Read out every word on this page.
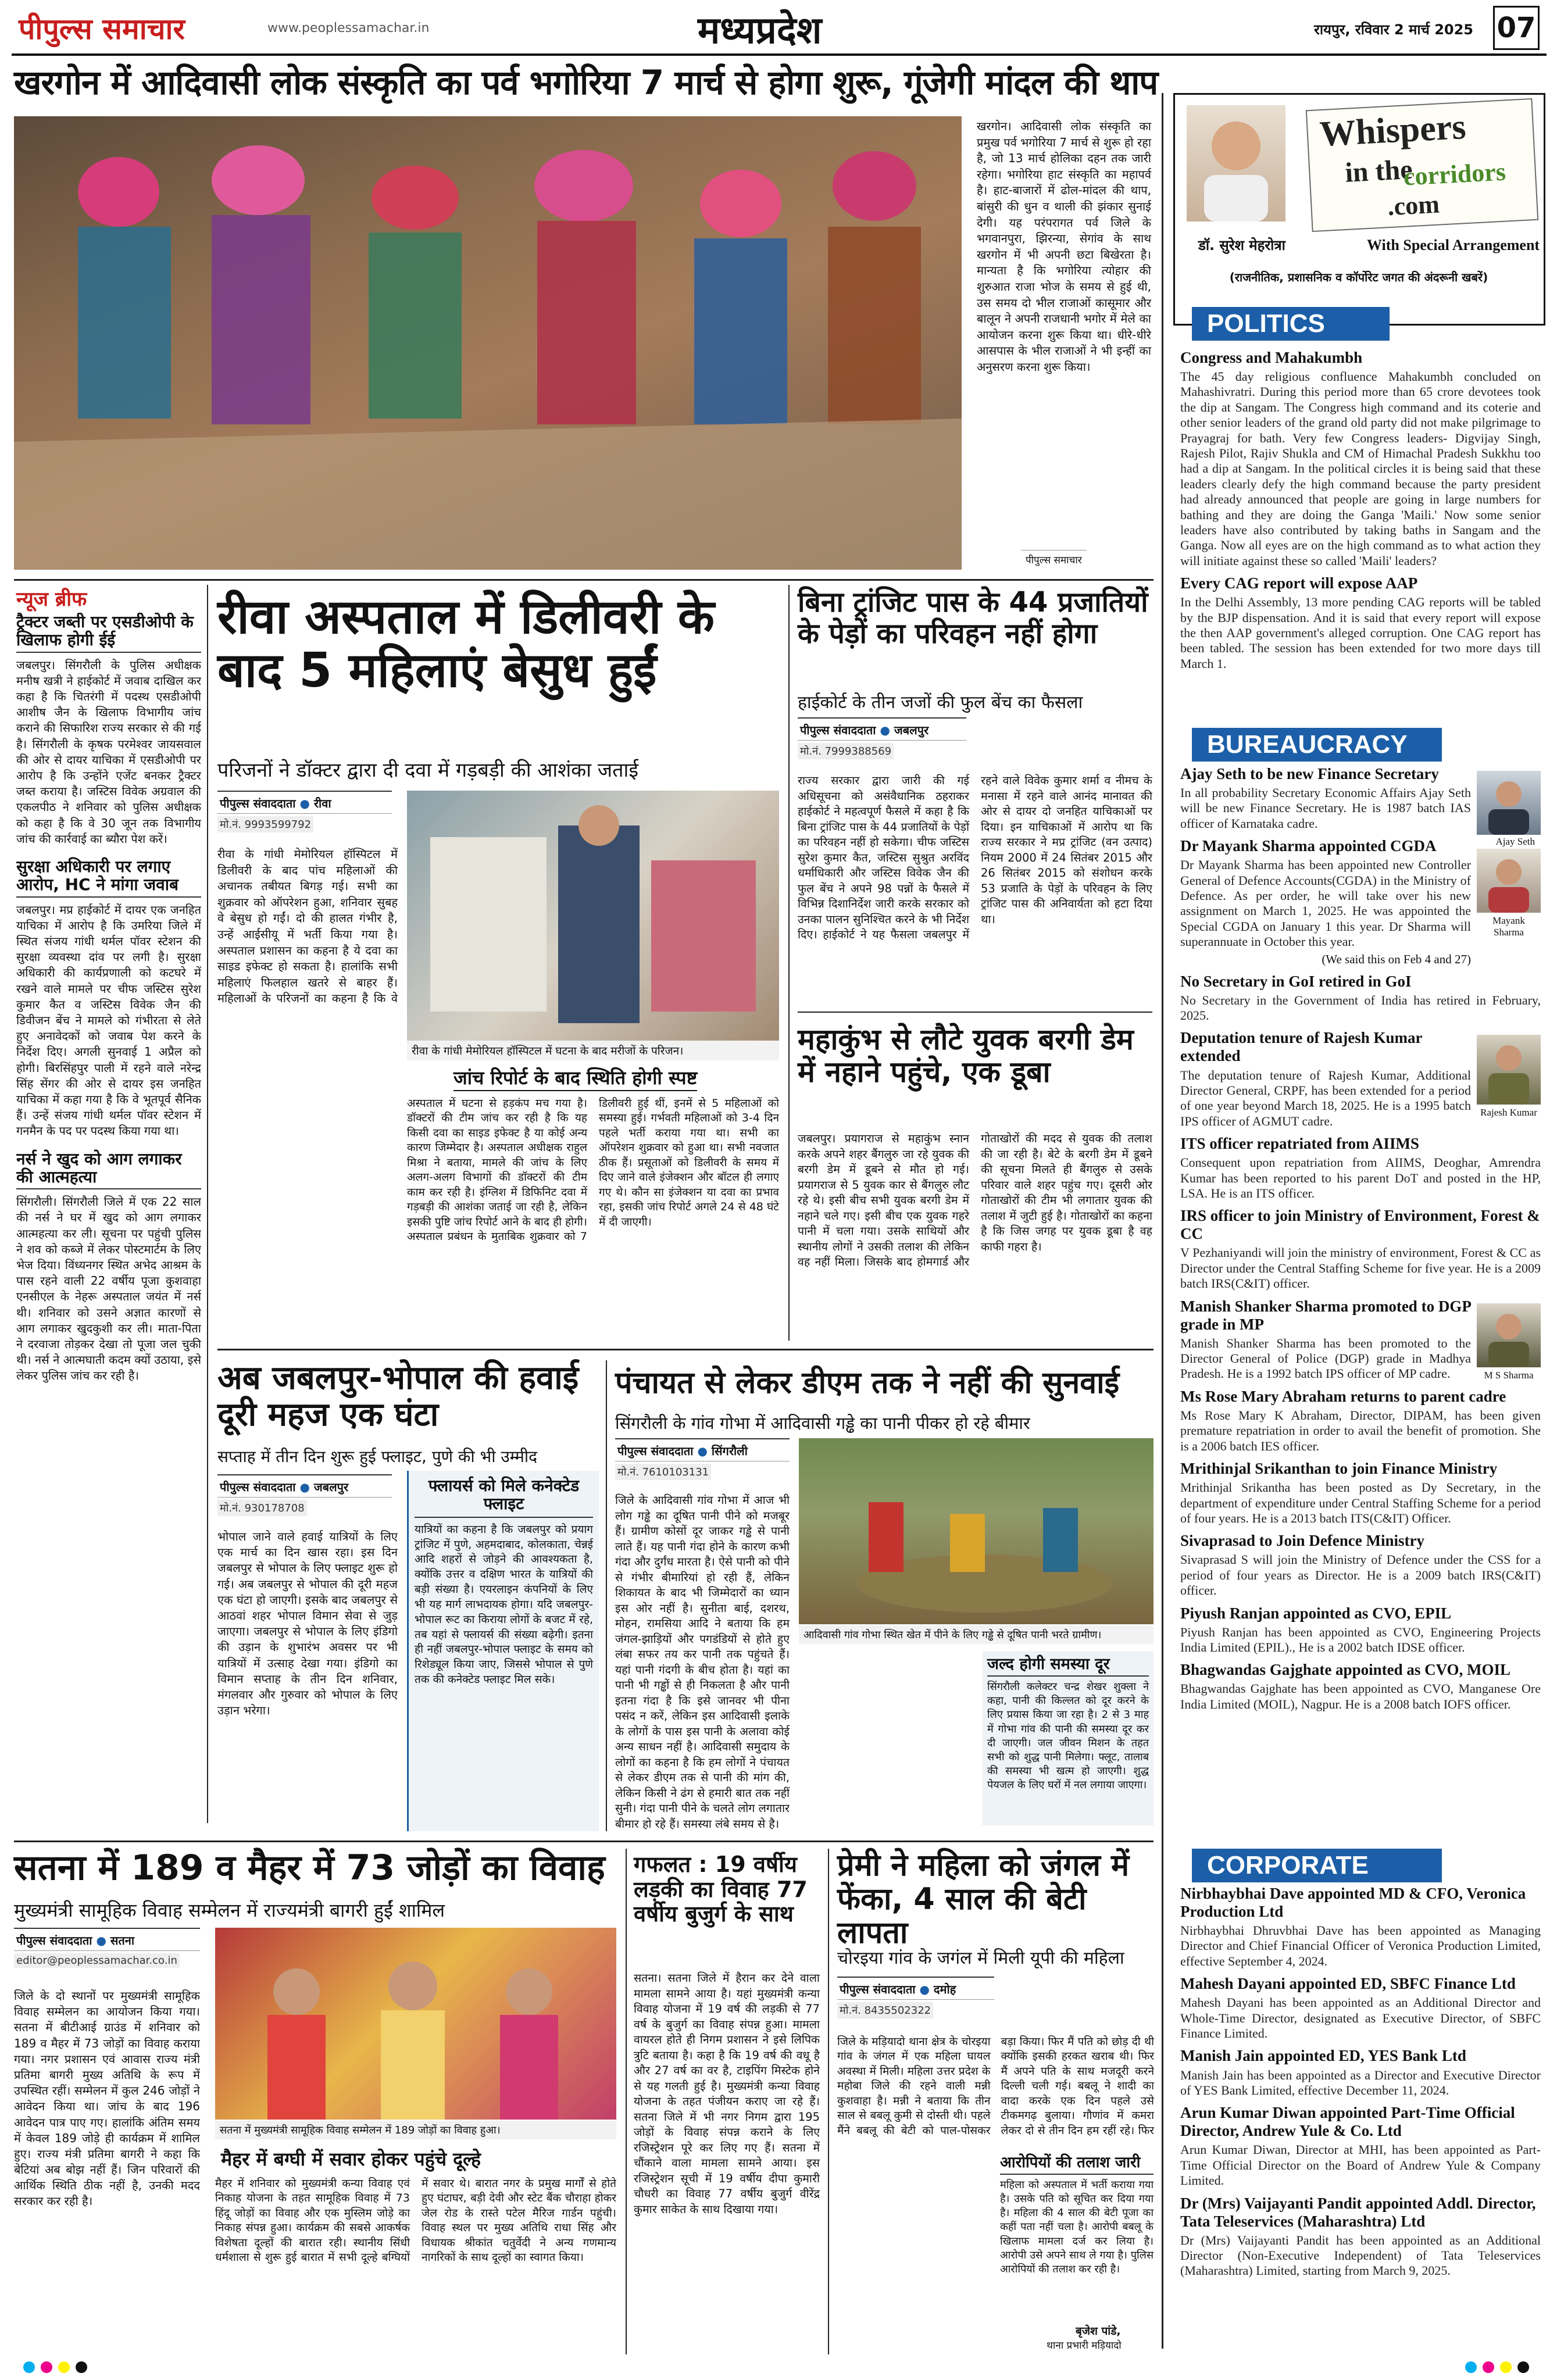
पीपुल्स समाचार	www.peoplessamachar.in	मध्यप्रदेश	रायपुर, रविवार 2 मार्च 2025 07
खरगोन में आदिवासी लोक संस्कृति का पर्व भगोरिया 7 मार्च से होगा शुरू, गूंजेगी मांदल की थाप
पीपुल्स समाचार
खरगोन। आदिवासी लोक संस्कृति का प्रमुख पर्व भगोरिया 7 मार्च से शुरू हो रहा है, जो 13 मार्च होलिका दहन तक जारी रहेगा। भगोरिया हाट संस्कृति का महापर्व है। हाट-बाजारों में ढोल-मांदल की थाप, बांसुरी की धुन व थाली की झंकार सुनाई देगी। यह परंपरागत पर्व जिले के भगवानपुरा, झिरन्या, सेगांव के साथ खरगोन में भी अपनी छटा बिखेरता है। मान्यता है कि भगोरिया त्योहार की शुरुआत राजा भोज के समय से हुई थी, उस समय दो भील राजाओं कासूमार और बालून ने अपनी राजधानी भगोर में मेले का आयोजन करना शुरू किया था। धीरे-धीरे आसपास के भील राजाओं ने भी इन्हीं का अनुसरण करना शुरू किया।
Whispers
in the
corridors
.com
डॉ. सुरेश मेहरोत्रा	With Special Arrangement
(राजनीतिक, प्रशासनिक व कॉर्पोरेट जगत की अंदरूनी खबरें)
POLITICS
Congress and Mahakumbh
The 45 day religious confluence Mahakumbh concluded on Mahashivratri. During this period more than 65 crore devotees took the dip at Sangam. The Congress high command and its coterie and other senior leaders of the grand old party did not make pilgrimage to Prayagraj for bath. Very few Congress leaders- Digvijay Singh, Rajesh Pilot, Rajiv Shukla and CM of Himachal Pradesh Sukkhu too had a dip at Sangam. In the political circles it is being said that these leaders clearly defy the high command because the party president had already announced that people are going in large numbers for bathing and they are doing the Ganga 'Maili.' Now some senior leaders have also contributed by taking baths in Sangam and the Ganga. Now all eyes are on the high command as to what action they will initiate against these so called 'Maili' leaders?
Every CAG report will expose AAP
In the Delhi Assembly, 13 more pending CAG reports will be tabled by the BJP dispensation. And it is said that every report will expose the then AAP government's alleged corruption. One CAG report has been tabled. The session has been extended for two more days till March 1.
BUREAUCRACY
Ajay Seth to be new Finance Secretary
In all probability Secretary Economic Affairs Ajay Seth will be new Finance Secretary. He is 1987 batch IAS officer of Karnataka cadre.
Ajay Seth
Dr Mayank Sharma appointed CGDA
Dr Mayank Sharma has been appointed new Controller General of Defence Accounts(CGDA) in the Ministry of Defence. As per order, he will take over his new assignment on March 1, 2025. He was appointed the Special CGDA on January 1 this year. Dr Sharma will superannuate in October this year.
Mayank Sharma
(We said this on Feb 4 and 27)
No Secretary in GoI retired in GoI
No Secretary in the Government of India has retired in February, 2025.
Deputation tenure of Rajesh Kumar extended
The deputation tenure of Rajesh Kumar, Additional Director General, CRPF, has been extended for a period of one year beyond March 18, 2025. He is a 1995 batch IPS officer of AGMUT cadre.
Rajesh Kumar
ITS officer repatriated from AIIMS
Consequent upon repatriation from AIIMS, Deoghar, Amrendra Kumar has been reported to his parent DoT and posted in the HP, LSA. He is an ITS officer.
IRS officer to join Ministry of Environment, Forest & CC
V Pezhaniyandi will join the ministry of environment, Forest & CC as Director under the Central Staffing Scheme for five year. He is a 2009 batch IRS(C&IT) officer.
Manish Shanker Sharma promoted to DGP grade in MP
Manish Shanker Sharma has been promoted to the Director General of Police (DGP) grade in Madhya Pradesh. He is a 1992 batch IPS officer of MP cadre.	M S Sharma
Ms Rose Mary Abraham returns to parent cadre
Ms Rose Mary K Abraham, Director, DIPAM, has been given premature repatriation in order to avail the benefit of promotion. She is a 2006 batch IES officer.
Mrithinjal Srikanthan to join Finance Ministry
Mrithinjal Srikantha has been posted as Dy Secretary, in the department of expenditure under Central Staffing Scheme for a period of four years. He is a 2013 batch ITS(C&IT) Officer.
Sivaprasad to Join Defence Ministry
Sivaprasad S will join the Ministry of Defence under the CSS for a period of four years as Director. He is a 2009 batch IRS(C&IT) officer.
Piyush Ranjan appointed as CVO, EPIL
Piyush Ranjan has been appointed as CVO, Engineering Projects India Limited (EPIL)., He is a 2002 batch IDSE officer.
Bhagwandas Gajghate appointed as CVO, MOIL
Bhagwandas Gajghate has been appointed as CVO, Manganese Ore India Limited (MOIL), Nagpur. He is a 2008 batch IOFS officer.
CORPORATE
Nirbhaybhai Dave appointed MD & CFO, Veronica Production Ltd
Nirbhaybhai Dhruvbhai Dave has been appointed as Managing Director and Chief Financial Officer of Veronica Production Limited, effective September 4, 2024.
Mahesh Dayani appointed ED, SBFC Finance Ltd
Mahesh Dayani has been appointed as an Additional Director and Whole-Time Director, designated as Executive Director, of SBFC Finance Limited.
Manish Jain appointed ED, YES Bank Ltd
Manish Jain has been appointed as a Director and Executive Director of YES Bank Limited, effective December 11, 2024.
Arun Kumar Diwan appointed Part-Time Official Director, Andrew Yule & Co. Ltd
Arun Kumar Diwan, Director at MHI, has been appointed as Part-Time Official Director on the Board of Andrew Yule & Company Limited.
Dr (Mrs) Vaijayanti Pandit appointed Addl. Director, Tata Teleservices (Maharashtra) Ltd
Dr (Mrs) Vaijayanti Pandit has been appointed as an Additional Director (Non-Executive Independent) of Tata Teleservices (Maharashtra) Limited, starting from March 9, 2025.
न्यूज ब्रीफ
ट्रैक्टर जब्ती पर एसडीओपी के खिलाफ होगी ईई
जबलपुर। सिंगरौली के पुलिस अधीक्षक मनीष खत्री ने हाईकोर्ट में जवाब दाखिल कर कहा है कि चितरंगी में पदस्थ एसडीओपी आशीष जैन के खिलाफ विभागीय जांच कराने की सिफारिश राज्य सरकार से की गई है। सिंगरौली के कृषक परमेश्वर जायसवाल की ओर से दायर याचिका में एसडीओपी पर आरोप है कि उन्होंने एजेंट बनकर ट्रैक्टर जब्त कराया है। जस्टिस विवेक अग्रवाल की एकलपीठ ने शनिवार को पुलिस अधीक्षक को कहा है कि वे 30 जून तक विभागीय जांच की कार्रवाई का ब्यौरा पेश करें।
सुरक्षा अधिकारी पर लगाए आरोप, HC ने मांगा जवाब
जबलपुर। मप्र हाईकोर्ट में दायर एक जनहित याचिका में आरोप है कि उमरिया जिले में स्थित संजय गांधी थर्मल पॉवर स्टेशन की सुरक्षा व्यवस्था दांव पर लगी है। सुरक्षा अधिकारी की कार्यप्रणाली को कटघरे में रखने वाले मामले पर चीफ जस्टिस सुरेश कुमार कैत व जस्टिस विवेक जैन की डिवीजन बेंच ने मामले को गंभीरता से लेते हुए अनावेदकों को जवाब पेश करने के निर्देश दिए। अगली सुनवाई 1 अप्रैल को होगी। बिरसिंहपुर पाली में रहने वाले नरेन्द्र सिंह सेंगर की ओर से दायर इस जनहित याचिका में कहा गया है कि वे भूतपूर्व सैनिक हैं। उन्हें संजय गांधी थर्मल पॉवर स्टेशन में गनमैन के पद पर पदस्थ किया गया था।
नर्स ने खुद को आग लगाकर की आत्महत्या
सिंगरौली। सिंगरौली जिले में एक 22 साल की नर्स ने घर में खुद को आग लगाकर आत्महत्या कर ली। सूचना पर पहुंची पुलिस ने शव को कब्जे में लेकर पोस्टमार्टम के लिए भेज दिया। विंध्यनगर स्थित अभेद आश्रम के पास रहने वाली 22 वर्षीय पूजा कुशवाहा एनसीएल के नेहरू अस्पताल जयंत में नर्स थी। शनिवार को उसने अज्ञात कारणों से आग लगाकर खुदकुशी कर ली। माता-पिता ने दरवाजा तोड़कर देखा तो पूजा जल चुकी थी। नर्स ने आत्मघाती कदम क्यों उठाया, इसे लेकर पुलिस जांच कर रही है।
रीवा अस्पताल में डिलीवरी के बाद 5 महिलाएं बेसुध हुईं
परिजनों ने डॉक्टर द्वारा दी दवा में गड़बड़ी की आशंका जताई
पीपुल्स संवाददाता ● रीवा
मो.नं. 9993599792
रीवा के गांधी मेमोरियल हॉस्पिटल में डिलीवरी के बाद पांच महिलाओं की अचानक तबीयत बिगड़ गई। सभी का शुक्रवार को ऑपरेशन हुआ, शनिवार सुबह वे बेसुध हो गईं। दो की हालत गंभीर है, उन्हें आईसीयू में भर्ती किया गया है। अस्पताल प्रशासन का कहना है ये दवा का साइड इफेक्ट हो सकता है। हालांकि सभी महिलाएं फिलहाल खतरे से बाहर हैं। महिलाओं के परिजनों का कहना है कि वे
रीवा के गांधी मेमोरियल हॉस्पिटल में घटना के बाद मरीजों के परिजन।
जांच रिपोर्ट के बाद स्थिति होगी स्पष्ट
अस्पताल में घटना से हड़कंप मच गया है। डॉक्टरों की टीम जांच कर रही है कि यह किसी दवा का साइड इफेक्ट है या कोई अन्य कारण जिम्मेदार है। अस्पताल अधीक्षक राहुल मिश्रा ने बताया, मामले की जांच के लिए अलग-अलग विभागों की डॉक्टरों की टीम काम कर रही है। इंग्लिश में डिफिनिट दवा में गड़बड़ी की आशंका जताई जा रही है, लेकिन इसकी पुष्टि जांच रिपोर्ट आने के बाद ही होगी। अस्पताल प्रबंधन के मुताबिक शुक्रवार को 7 डिलीवरी हुई थीं, इनमें से 5 महिलाओं को समस्या हुई। गर्भवती महिलाओं को 3-4 दिन पहले भर्ती कराया गया था। सभी का ऑपरेशन शुक्रवार को हुआ था। सभी नवजात ठीक हैं। प्रसूताओं को डिलीवरी के समय में दिए जाने वाले इंजेक्शन और बॉटल ही लगाए गए थे। कौन सा इंजेक्शन या दवा का प्रभाव रहा, इसकी जांच रिपोर्ट अगले 24 से 48 घंटे में दी जाएगी।
बिना ट्रांजिट पास के 44 प्रजातियों के पेड़ों का परिवहन नहीं होगा
हाईकोर्ट के तीन जजों की फुल बेंच का फैसला
पीपुल्स संवाददाता ● जबलपुर
मो.नं. 7999388569
राज्य सरकार द्वारा जारी की गई अधिसूचना को असंवैधानिक ठहराकर हाईकोर्ट ने महत्वपूर्ण फैसले में कहा है कि बिना ट्रांजिट पास के 44 प्रजातियों के पेड़ों का परिवहन नहीं हो सकेगा। चीफ जस्टिस सुरेश कुमार कैत, जस्टिस सुश्रुत अरविंद धर्माधिकारी और जस्टिस विवेक जैन की फुल बेंच ने अपने 98 पन्नों के फैसले में विभिन्न दिशानिर्देश जारी करके सरकार को उनका पालन सुनिश्चित करने के भी निर्देश दिए। हाईकोर्ट ने यह फैसला जबलपुर में रहने वाले विवेक कुमार शर्मा व नीमच के मनासा में रहने वाले आनंद मानावत की ओर से दायर दो जनहित याचिकाओं पर दिया। इन याचिकाओं में आरोप था कि राज्य सरकार ने मप्र ट्रांजिट (वन उत्पाद) नियम 2000 में 24 सितंबर 2015 और 26 सितंबर 2015 को संशोधन करके 53 प्रजाति के पेड़ों के परिवहन के लिए ट्रांजिट पास की अनिवार्यता को हटा दिया था।
महाकुंभ से लौटे युवक बरगी डेम में नहाने पहुंचे, एक डूबा
जबलपुर। प्रयागराज से महाकुंभ स्नान करके अपने शहर बैंगलुरु जा रहे युवक की बरगी डेम में डूबने से मौत हो गई। प्रयागराज से 5 युवक कार से बैंगलुरु लौट रहे थे। इसी बीच सभी युवक बरगी डेम में नहाने चले गए। इसी बीच एक युवक गहरे पानी में चला गया। उसके साथियों और स्थानीय लोगों ने उसकी तलाश की लेकिन वह नहीं मिला। जिसके बाद होमगार्ड और गोताखोरों की मदद से युवक की तलाश की जा रही है। बेटे के बरगी डेम में डूबने की सूचना मिलते ही बैंगलुरु से उसके परिवार वाले शहर पहुंच गए। दूसरी ओर गोताखोरों की टीम भी लगातार युवक की तलाश में जुटी हुई है। गोताखोरों का कहना है कि जिस जगह पर युवक डूबा है वह काफी गहरा है।
अब जबलपुर-भोपाल की हवाई दूरी महज एक घंटा
सप्ताह में तीन दिन शुरू हुई फ्लाइट, पुणे की भी उम्मीद
पीपुल्स संवाददाता ● जबलपुर
मो.नं. 930178708
भोपाल जाने वाले हवाई यात्रियों के लिए एक मार्च का दिन खास रहा। इस दिन जबलपुर से भोपाल के लिए फ्लाइट शुरू हो गई। अब जबलपुर से भोपाल की दूरी महज एक घंटा हो जाएगी। इसके बाद जबलपुर से आठवां शहर भोपाल विमान सेवा से जुड़ जाएगा। जबलपुर से भोपाल के लिए इंडिगो की उड़ान के शुभारंभ अवसर पर भी यात्रियों में उत्साह देखा गया। इंडिगो का विमान सप्ताह के तीन दिन शनिवार, मंगलवार और गुरुवार को भोपाल के लिए उड़ान भरेगा।
फ्लायर्स को मिले कनेक्टेड फ्लाइट
यात्रियों का कहना है कि जबलपुर को प्रयाग ट्रांजिट में पुणे, अहमदाबाद, कोलकाता, चेन्नई आदि शहरों से जोड़ने की आवश्यकता है, क्योंकि उत्तर व दक्षिण भारत के यात्रियों की बड़ी संख्या है। एयरलाइन कंपनियों के लिए भी यह मार्ग लाभदायक होगा। यदि जबलपुर-भोपाल रूट का किराया लोगों के बजट में रहे, तब यहां से फ्लायर्स की संख्या बढ़ेगी। इतना ही नहीं जबलपुर-भोपाल फ्लाइट के समय को रिशेड्यूल किया जाए, जिससे भोपाल से पुणे तक की कनेक्टेड फ्लाइट मिल सके।
पंचायत से लेकर डीएम तक ने नहीं की सुनवाई
सिंगरौली के गांव गोभा में आदिवासी गड्ढे का पानी पीकर हो रहे बीमार
पीपुल्स संवाददाता ● सिंगरौली
मो.नं. 7610103131
जिले के आदिवासी गांव गोभा में आज भी लोग गड्ढे का दूषित पानी पीने को मजबूर हैं। ग्रामीण कोसों दूर जाकर गड्ढे से पानी लाते हैं। यह पानी गंदा होने के कारण कभी गंदा और दुर्गंध मारता है। ऐसे पानी को पीने से गंभीर बीमारियां हो रही हैं, लेकिन शिकायत के बाद भी जिम्मेदारों का ध्यान इस ओर नहीं है। सुनीता बाई, दशरथ, मोहन, रामसिया आदि ने बताया कि हम जंगल-झाड़ियों और पगडंडियों से होते हुए लंबा सफर तय कर पानी तक पहुंचते हैं। यहां पानी गंदगी के बीच होता है। यहां का पानी भी गड्ढों से ही निकलता है और पानी इतना गंदा है कि इसे जानवर भी पीना पसंद न करें, लेकिन इस आदिवासी इलाके के लोगों के पास इस पानी के अलावा कोई अन्य साधन नहीं है। आदिवासी समुदाय के लोगों का कहना है कि हम लोगों ने पंचायत से लेकर डीएम तक से पानी की मांग की, लेकिन किसी ने ढंग से हमारी बात तक नहीं सुनी। गंदा पानी पीने के चलते लोग लगातार बीमार हो रहे हैं। समस्या लंबे समय से है।
आदिवासी गांव गोभा स्थित खेत में पीने के लिए गड्ढे से दूषित पानी भरते ग्रामीण।
जल्द होगी समस्या दूर
सिंगरौली कलेक्टर चन्द्र शेखर शुक्ला ने कहा, पानी की किल्लत को दूर करने के लिए प्रयास किया जा रहा है। 2 से 3 माह में गोभा गांव की पानी की समस्या दूर कर दी जाएगी। जल जीवन मिशन के तहत सभी को शुद्ध पानी मिलेगा। फ्लूट, तालाब की समस्या भी खत्म हो जाएगी। शुद्ध पेयजल के लिए घरों में नल लगाया जाएगा।
सतना में 189 व मैहर में 73 जोड़ों का विवाह
मुख्यमंत्री सामूहिक विवाह सम्मेलन में राज्यमंत्री बागरी हुईं शामिल
पीपुल्स संवाददाता ● सतना
editor@peoplessamachar.co.in
जिले के दो स्थानों पर मुख्यमंत्री सामूहिक विवाह सम्मेलन का आयोजन किया गया। सतना में बीटीआई ग्राउंड में शनिवार को 189 व मैहर में 73 जोड़ों का विवाह कराया गया। नगर प्रशासन एवं आवास राज्य मंत्री प्रतिमा बागरी मुख्य अतिथि के रूप में उपस्थित रहीं। सम्मेलन में कुल 246 जोड़ों ने आवेदन किया था। जांच के बाद 196 आवेदन पात्र पाए गए। हालांकि अंतिम समय में केवल 189 जोड़े ही कार्यक्रम में शामिल हुए। राज्य मंत्री प्रतिमा बागरी ने कहा कि बेटियां अब बोझ नहीं हैं। जिन परिवारों की आर्थिक स्थिति ठीक नहीं है, उनकी मदद सरकार कर रही है।
सतना में मुख्यमंत्री सामूहिक विवाह सम्मेलन में 189 जोड़ों का विवाह हुआ।
मैहर में बग्घी में सवार होकर पहुंचे दूल्हे
मैहर में शनिवार को मुख्यमंत्री कन्या विवाह एवं निकाह योजना के तहत सामूहिक विवाह में 73 हिंदू जोड़ों का विवाह और एक मुस्लिम जोड़े का निकाह संपन्न हुआ। कार्यक्रम की सबसे आकर्षक विशेषता दूल्हों की बारात रही। स्थानीय सिंधी धर्मशाला से शुरू हुई बारात में सभी दूल्हे बग्घियों में सवार थे। बारात नगर के प्रमुख मार्गों से होते हुए घंटाघर, बड़ी देवी और स्टेट बैंक चौराहा होकर जेल रोड के रास्ते पटेल मैरिज गार्डन पहुंची। विवाह स्थल पर मुख्य अतिथि राधा सिंह और विधायक श्रीकांत चतुर्वेदी ने अन्य गणमान्य नागरिकों के साथ दूल्हों का स्वागत किया।
गफलत : 19 वर्षीय लड़की का विवाह 77 वर्षीय बुजुर्ग के साथ
सतना। सतना जिले में हैरान कर देने वाला मामला सामने आया है। यहां मुख्यमंत्री कन्या विवाह योजना में 19 वर्ष की लड़की से 77 वर्ष के बुजुर्ग का विवाह संपन्न हुआ। मामला वायरल होते ही निगम प्रशासन ने इसे लिपिक त्रुटि बताया है। कहा है कि 19 वर्ष की वधू है और 27 वर्ष का वर है, टाइपिंग मिस्टेक होने से यह गलती हुई है। मुख्यमंत्री कन्या विवाह योजना के तहत पंजीयन कराए जा रहे हैं। सतना जिले में भी नगर निगम द्वारा 195 जोड़ों के विवाह संपन्न कराने के लिए रजिस्ट्रेशन पूरे कर लिए गए हैं। सतना में चौंकाने वाला मामला सामने आया। इस रजिस्ट्रेशन सूची में 19 वर्षीय दीपा कुमारी चौधरी का विवाह 77 वर्षीय बुजुर्ग वीरेंद्र कुमार साकेत के साथ दिखाया गया।
प्रेमी ने महिला को जंगल में फेंका, 4 साल की बेटी लापता
चोरइया गांव के जगंल में मिली यूपी की महिला
पीपुल्स संवाददाता ● दमोह
मो.नं. 8435502322
जिले के मड़ियादो थाना क्षेत्र के चोरइया गांव के जंगल में एक महिला घायल अवस्था में मिली। महिला उत्तर प्रदेश के महोबा जिले की रहने वाली मन्नी कुशवाहा है। मन्नी ने बताया कि तीन साल से बबलू कुमी से दोस्ती थी। पहले मैंने बबलू की बेटी को पाल-पोसकर बड़ा किया। फिर मैं पति को छोड़ दी थी क्योंकि इसकी हरकत खराब थी। फिर मैं अपने पति के साथ मजदूरी करने दिल्ली चली गई। बबलू ने शादी का वादा करके एक दिन पहले उसे टीकमगढ़ बुलाया। गौणांव में कमरा लेकर दो से तीन दिन हम रहीं रहे। फिर
आरोपियों की तलाश जारी
महिला को अस्पताल में भर्ती कराया गया है। उसके पति को सूचित कर दिया गया है। महिला की 4 साल की बेटी पूजा का कहीं पता नहीं चला है। आरोपी बबलू के खिलाफ मामला दर्ज कर लिया है। आरोपी उसे अपने साथ ले गया है। पुलिस आरोपियों की तलाश कर रही है।
बृजेश पांडे,
थाना प्रभारी मड़ियादो
